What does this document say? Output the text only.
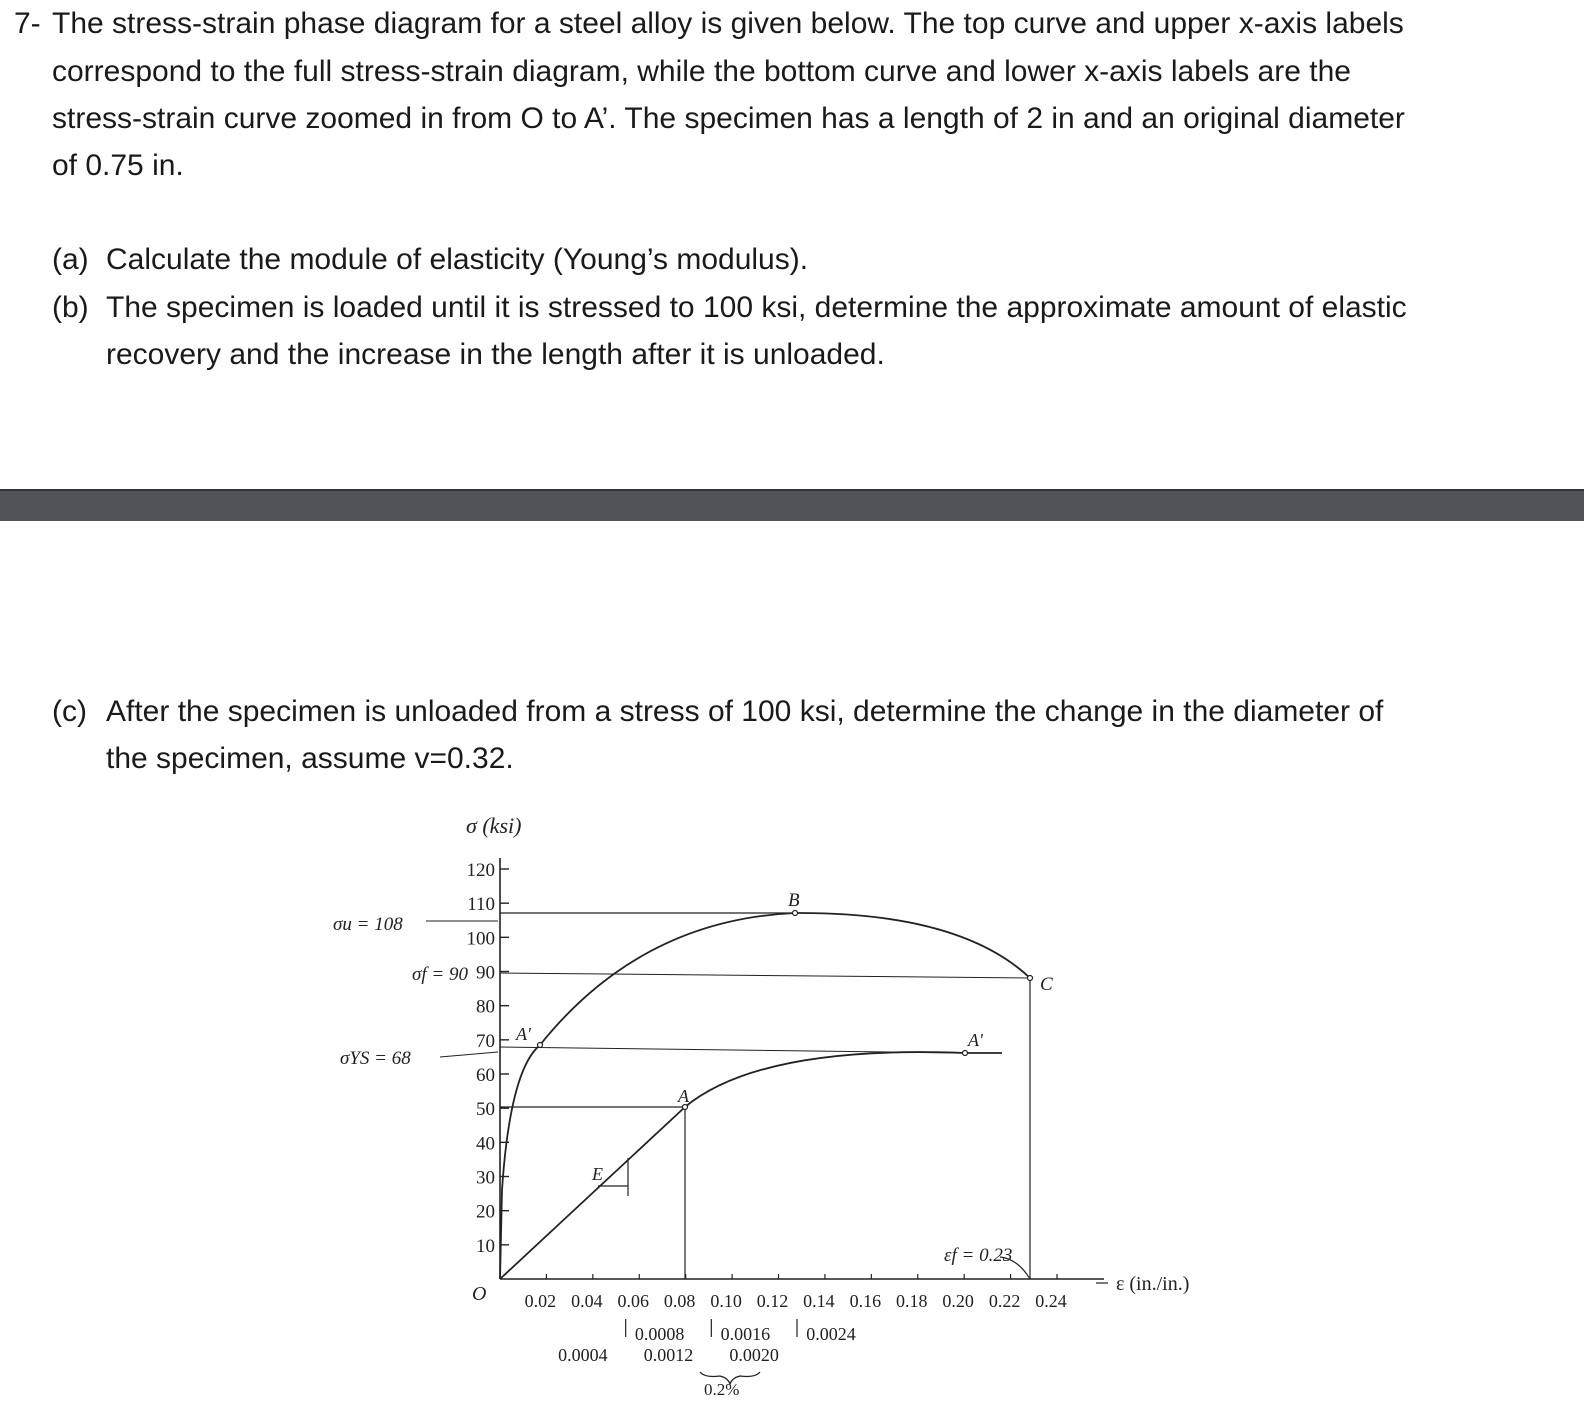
7- The stress-strain phase diagram for a steel alloy is given below. The top curve and upper x-axis labels
correspond to the full stress-strain diagram, while the bottom curve and lower x-axis labels are the
stress-strain curve zoomed in from O to A’. The specimen has a length of 2 in and an original diameter
of 0.75 in.
(a) Calculate the module of elasticity (Young’s modulus).
(b) The specimen is loaded until it is stressed to 100 ksi, determine the approximate amount of elastic
recovery and the increase in the length after it is unloaded.
(c) After the specimen is unloaded from a stress of 100 ksi, determine the change in the diameter of
the specimen, assume v=0.32.
120
110
100
90
80
70
60
50
40
30
20
10
0.02 0.04 0.06 0.08 0.10 0.12 0.14 0.16 0.18 0.20 0.22 0.24
0.0008 0.0016 0.0024
0.0004 0.0012 0.0020
σ (ksi)
ε (in./in.)
O
σu = 108
σf = 90
σYS = 68
εf = 0.23
B
C
A'	A'
A
E
0.2%
